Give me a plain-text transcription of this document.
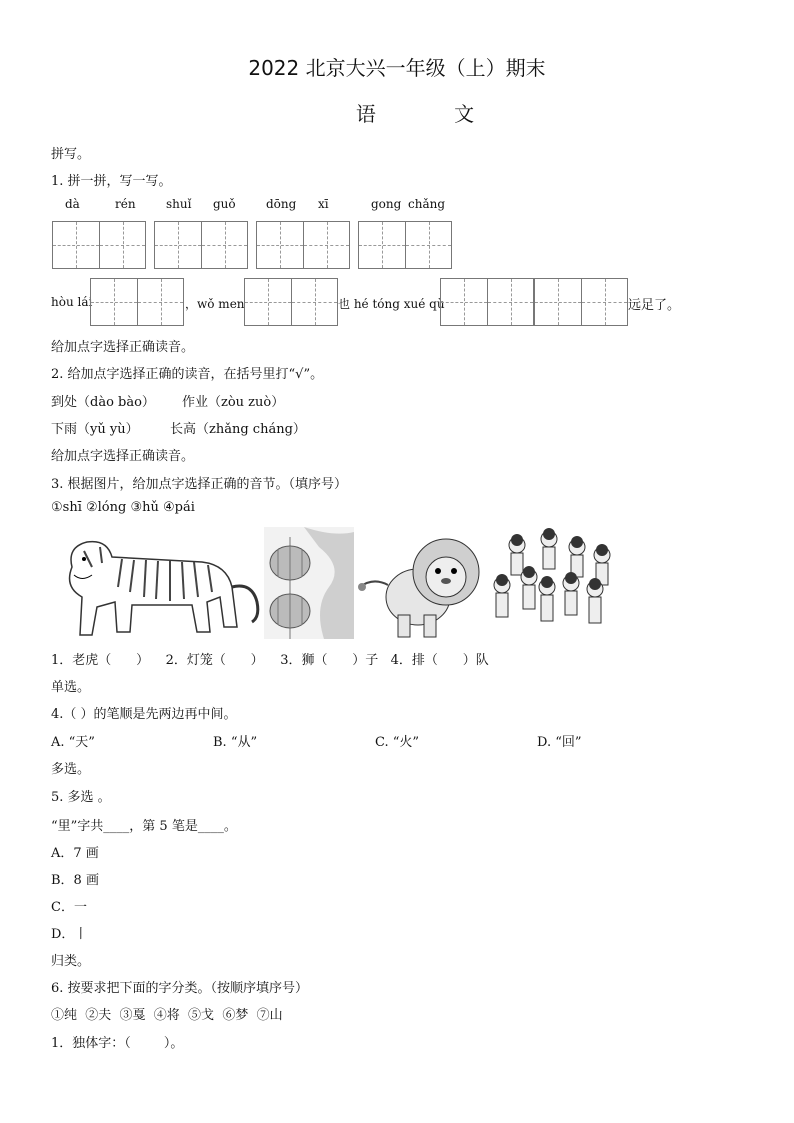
2022 北京大兴一年级（上）期末
语 文
拼写。
1. 拼一拼，写一写。
dà	rén	shuǐ guǒ	dōng xī	gong chǎng
hòu lái	，wǒ men	也 hé tóng xué qù	远足了。
给加点字选择正确读音。
2. 给加点字选择正确的读音，在括号里打“√”。
到处（dào bào） 作业（zòu zuò）
下雨（yǔ yù） 长高（zhǎng cháng）
给加点字选择正确读音。
3. 根据图片，给加点字选择正确的音节。（填序号）
①shī ②lóng ③hǔ ④pái
1．老虎（      ）    2．灯笼（      ）    3．狮（      ）子   4．排（      ）队
单选。
4.（ ）的笔顺是先两边再中间。
A. “天”	B. “从”	C. “火”	D. “回”
多选。
5. 多选 。
“里”字共____，第 5 笔是____。
A．7 画
B．8 画
C．一
D．丨
归类。
6. 按要求把下面的字分类。（按顺序填序号）
①纯  ②夫  ③戛  ④将  ⑤戈  ⑥梦  ⑦山
1．独体字：（        ）。
